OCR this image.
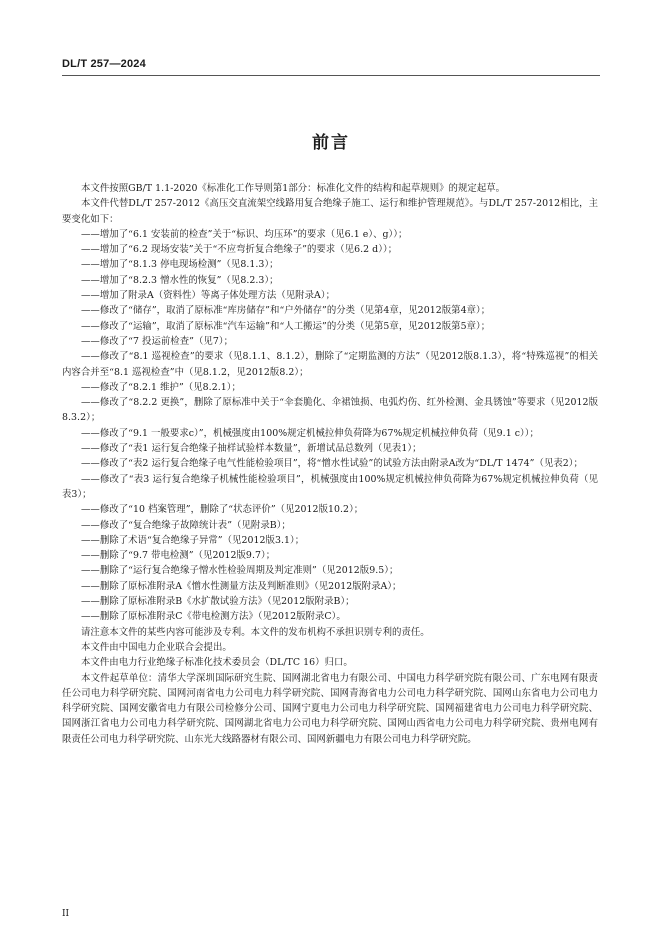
DL/T 257—2024
前言

本文件按照GB/T 1.1-2020《标准化工作导则第1部分：标准化文件的结构和起草规则》的规定起草。

本文件代替DL/T 257-2012《高压交直流架空线路用复合绝缘子施工、运行和维护管理规范》。与DL/T 257-2012相比，主要变化如下：

——增加了“6.1 安装前的检查”关于“标识、均压环”的要求（见6.1 e）、g））；

——增加了“6.2 现场安装”关于“不应弯折复合绝缘子”的要求（见6.2 d））；

——增加了“8.1.3 停电现场检测”（见8.1.3）；

——增加了“8.2.3 憎水性的恢复”（见8.2.3）；

——增加了附录A（资料性）等离子体处理方法（见附录A）；

——修改了“储存”，取消了原标准“库房储存”和“户外储存”的分类（见第4章，见2012版第4章）；

——修改了“运输”，取消了原标准“汽车运输”和“人工搬运”的分类（见第5章，见2012版第5章）；

——修改了“7 投运前检查”（见7）；

——修改了“8.1 巡视检查”的要求（见8.1.1、8.1.2），删除了“定期监测的方法”（见2012版8.1.3），将“特殊巡视”的相关内容合并至“8.1 巡视检查”中（见8.1.2，见2012版8.2）；

——修改了“8.2.1 维护”（见8.2.1）；

——修改了“8.2.2 更换”，删除了原标准中关于“伞套脆化、伞裙蚀损、电弧灼伤、红外检测、金具锈蚀”等要求（见2012版8.3.2）；

——修改了“9.1 一般要求c）”，机械强度由100%规定机械拉伸负荷降为67%规定机械拉伸负荷（见9.1 c））；

——修改了“表1 运行复合绝缘子抽样试验样本数量”，新增试品总数列（见表1）；

——修改了“表2 运行复合绝缘子电气性能检验项目”，将“憎水性试验”的试验方法由附录A改为“DL/T 1474”（见表2）；

——修改了“表3 运行复合绝缘子机械性能检验项目”，机械强度由100%规定机械拉伸负荷降为67%规定机械拉伸负荷（见表3）；

——修改了“10 档案管理”，删除了“状态评价”（见2012版10.2）；

——修改了“复合绝缘子故障统计表”（见附录B）；

——删除了术语“复合绝缘子异常”（见2012版3.1）；

——删除了“9.7 带电检测”（见2012版9.7）；

——删除了“运行复合绝缘子憎水性检验周期及判定准则”（见2012版9.5）；

——删除了原标准附录A《憎水性测量方法及判断准则》（见2012版附录A）；

——删除了原标准附录B《水扩散试验方法》（见2012版附录B）；

——删除了原标准附录C《带电检测方法》（见2012版附录C）。

请注意本文件的某些内容可能涉及专利。本文件的发布机构不承担识别专利的责任。

本文件由中国电力企业联合会提出。

本文件由电力行业绝缘子标准化技术委员会（DL/TC 16）归口。

本文件起草单位：清华大学深圳国际研究生院、国网湖北省电力有限公司、中国电力科学研究院有限公司、广东电网有限责任公司电力科学研究院、国网河南省电力公司电力科学研究院、国网青海省电力公司电力科学研究院、国网山东省电力公司电力科学研究院、国网安徽省电力有限公司检修分公司、国网宁夏电力公司电力科学研究院、国网福建省电力公司电力科学研究院、国网浙江省电力公司电力科学研究院、国网湖北省电力公司电力科学研究院、国网山西省电力公司电力科学研究院、贵州电网有限责任公司电力科学研究院、山东光大线路器材有限公司、国网新疆电力有限公司电力科学研究院。

II
